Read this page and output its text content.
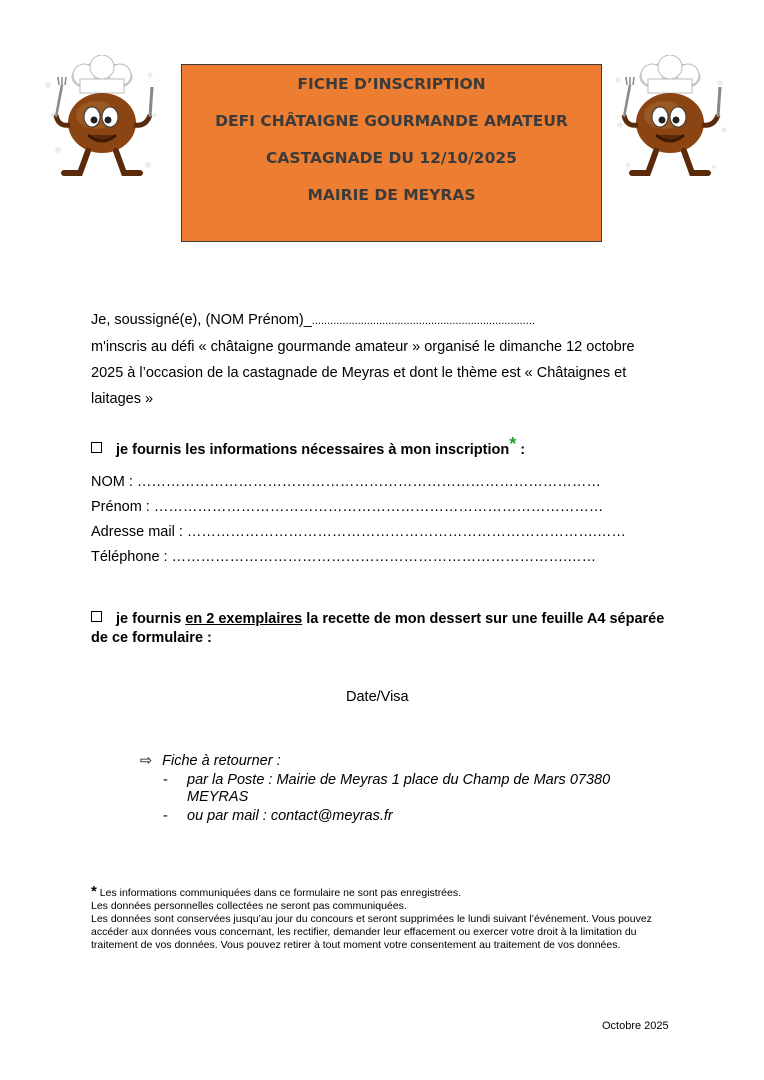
FICHE D’INSCRIPTION
DEFI CHÂTAIGNE GOURMANDE AMATEUR
CASTAGNADE DU 12/10/2025
MAIRIE DE MEYRAS
Je, soussigné(e), (NOM Prénom)_.........................................................................
m'inscris au défi « châtaigne gourmande amateur » organisé le dimanche 12 octobre 2025 à l’occasion de la castagnade de Meyras et dont le thème est « Châtaignes et laitages »
je fournis les informations nécessaires à mon inscription* :
NOM : ……………………………………………………………………………………
Prénom : …………………………………………………………………………………
Adresse mail : ………………………………………………………………………….……
Téléphone : ……………………………………………………………………….……
je fournis en 2 exemplaires la recette de mon dessert sur une feuille A4 séparée de ce formulaire :
Date/Visa
⇨ Fiche à retourner :
- par la Poste : Mairie de Meyras 1 place du Champ de Mars 07380
MEYRAS
- ou par mail : contact@meyras.fr
* Les informations communiquées dans ce formulaire ne sont pas enregistrées.
Les données personnelles collectées ne seront pas communiquées.
Les données sont conservées jusqu’au jour du concours et seront supprimées le lundi suivant l’événement. Vous pouvez accéder aux données vous concernant, les rectifier, demander leur effacement ou exercer votre droit à la limitation du traitement de vos données. Vous pouvez retirer à tout moment votre consentement au traitement de vos données.
Octobre 2025
